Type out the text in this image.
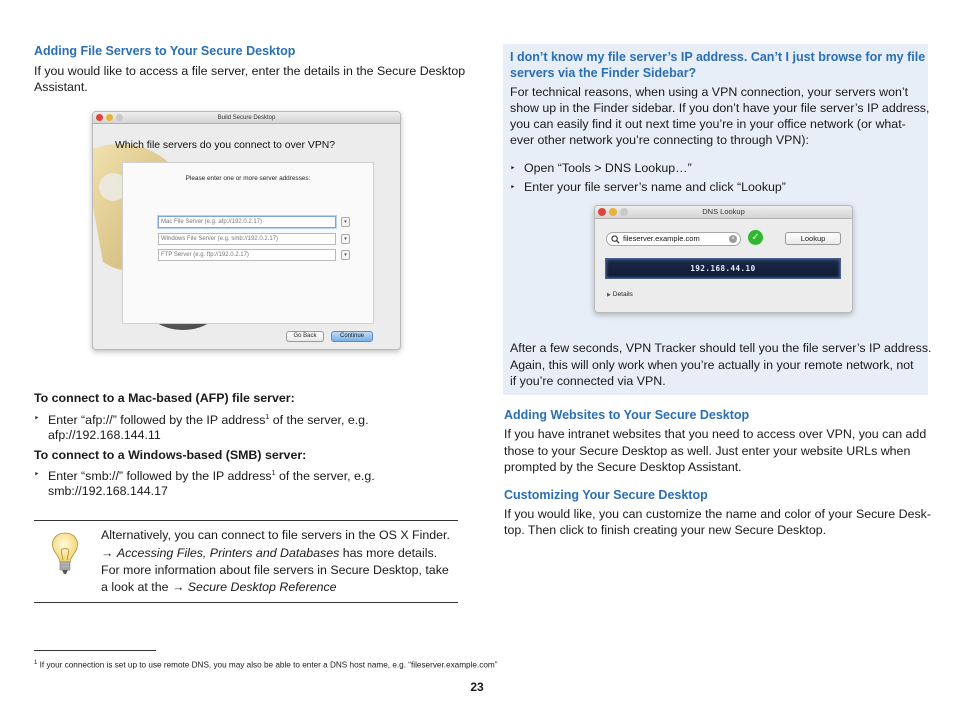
Adding File Servers to Your Secure Desktop
If you would like to access a file server, enter the details in the Secure Desktop
Assistant.
Build Secure Desktop
Which file servers do you connect to over VPN?
Please enter one or more server addresses:
Mac File Server (e.g. afp://192.0.2.17)	▾
Windows File Server (e.g. smb://192.0.2.17)	▾
FTP Server (e.g. ftp://192.0.2.17)	▾
Go Back	Continue
To connect to a Mac-based (AFP) file server:
‣ Enter “afp://” followed by the IP address$^1$ of the server, e.g.
afp://192.168.144.11
To connect to a Windows-based (SMB) server:
‣ Enter “smb://” followed by the IP address$^1$ of the server, e.g.
smb://192.168.144.17
Alternatively, you can connect to file servers in the OS X Finder.
→ Accessing Files, Printers and Databases has more details.
For more information about file servers in Secure Desktop, take
a look at the → Secure Desktop Reference
I don’t know my file server’s IP address. Can’t I just browse for my file
servers via the Finder Sidebar?
For technical reasons, when using a VPN connection, your servers won’t
show up in the Finder sidebar. If you don’t have your file server’s IP address,
you can easily find it out next time you’re in your office network (or what-
ever other network you’re connecting to through VPN):
‣ Open “Tools > DNS Lookup…”
‣ Enter your file server’s name and click “Lookup”
DNS Lookup
fileserver.example.com	×	✓	Lookup
192.168.44.10
▶ Details
After a few seconds, VPN Tracker should tell you the file server’s IP address.
Again, this will only work when you’re actually in your remote network, not
if you’re connected via VPN.
Adding Websites to Your Secure Desktop
If you have intranet websites that you need to access over VPN, you can add
those to your Secure Desktop as well. Just enter your website URLs when
prompted by the Secure Desktop Assistant.
Customizing Your Secure Desktop
If you would like, you can customize the name and color of your Secure Desk-
top. Then click to finish creating your new Secure Desktop.
$^1$ If your connection is set up to use remote DNS, you may also be able to enter a DNS host name, e.g. “fileserver.example.com”
23
